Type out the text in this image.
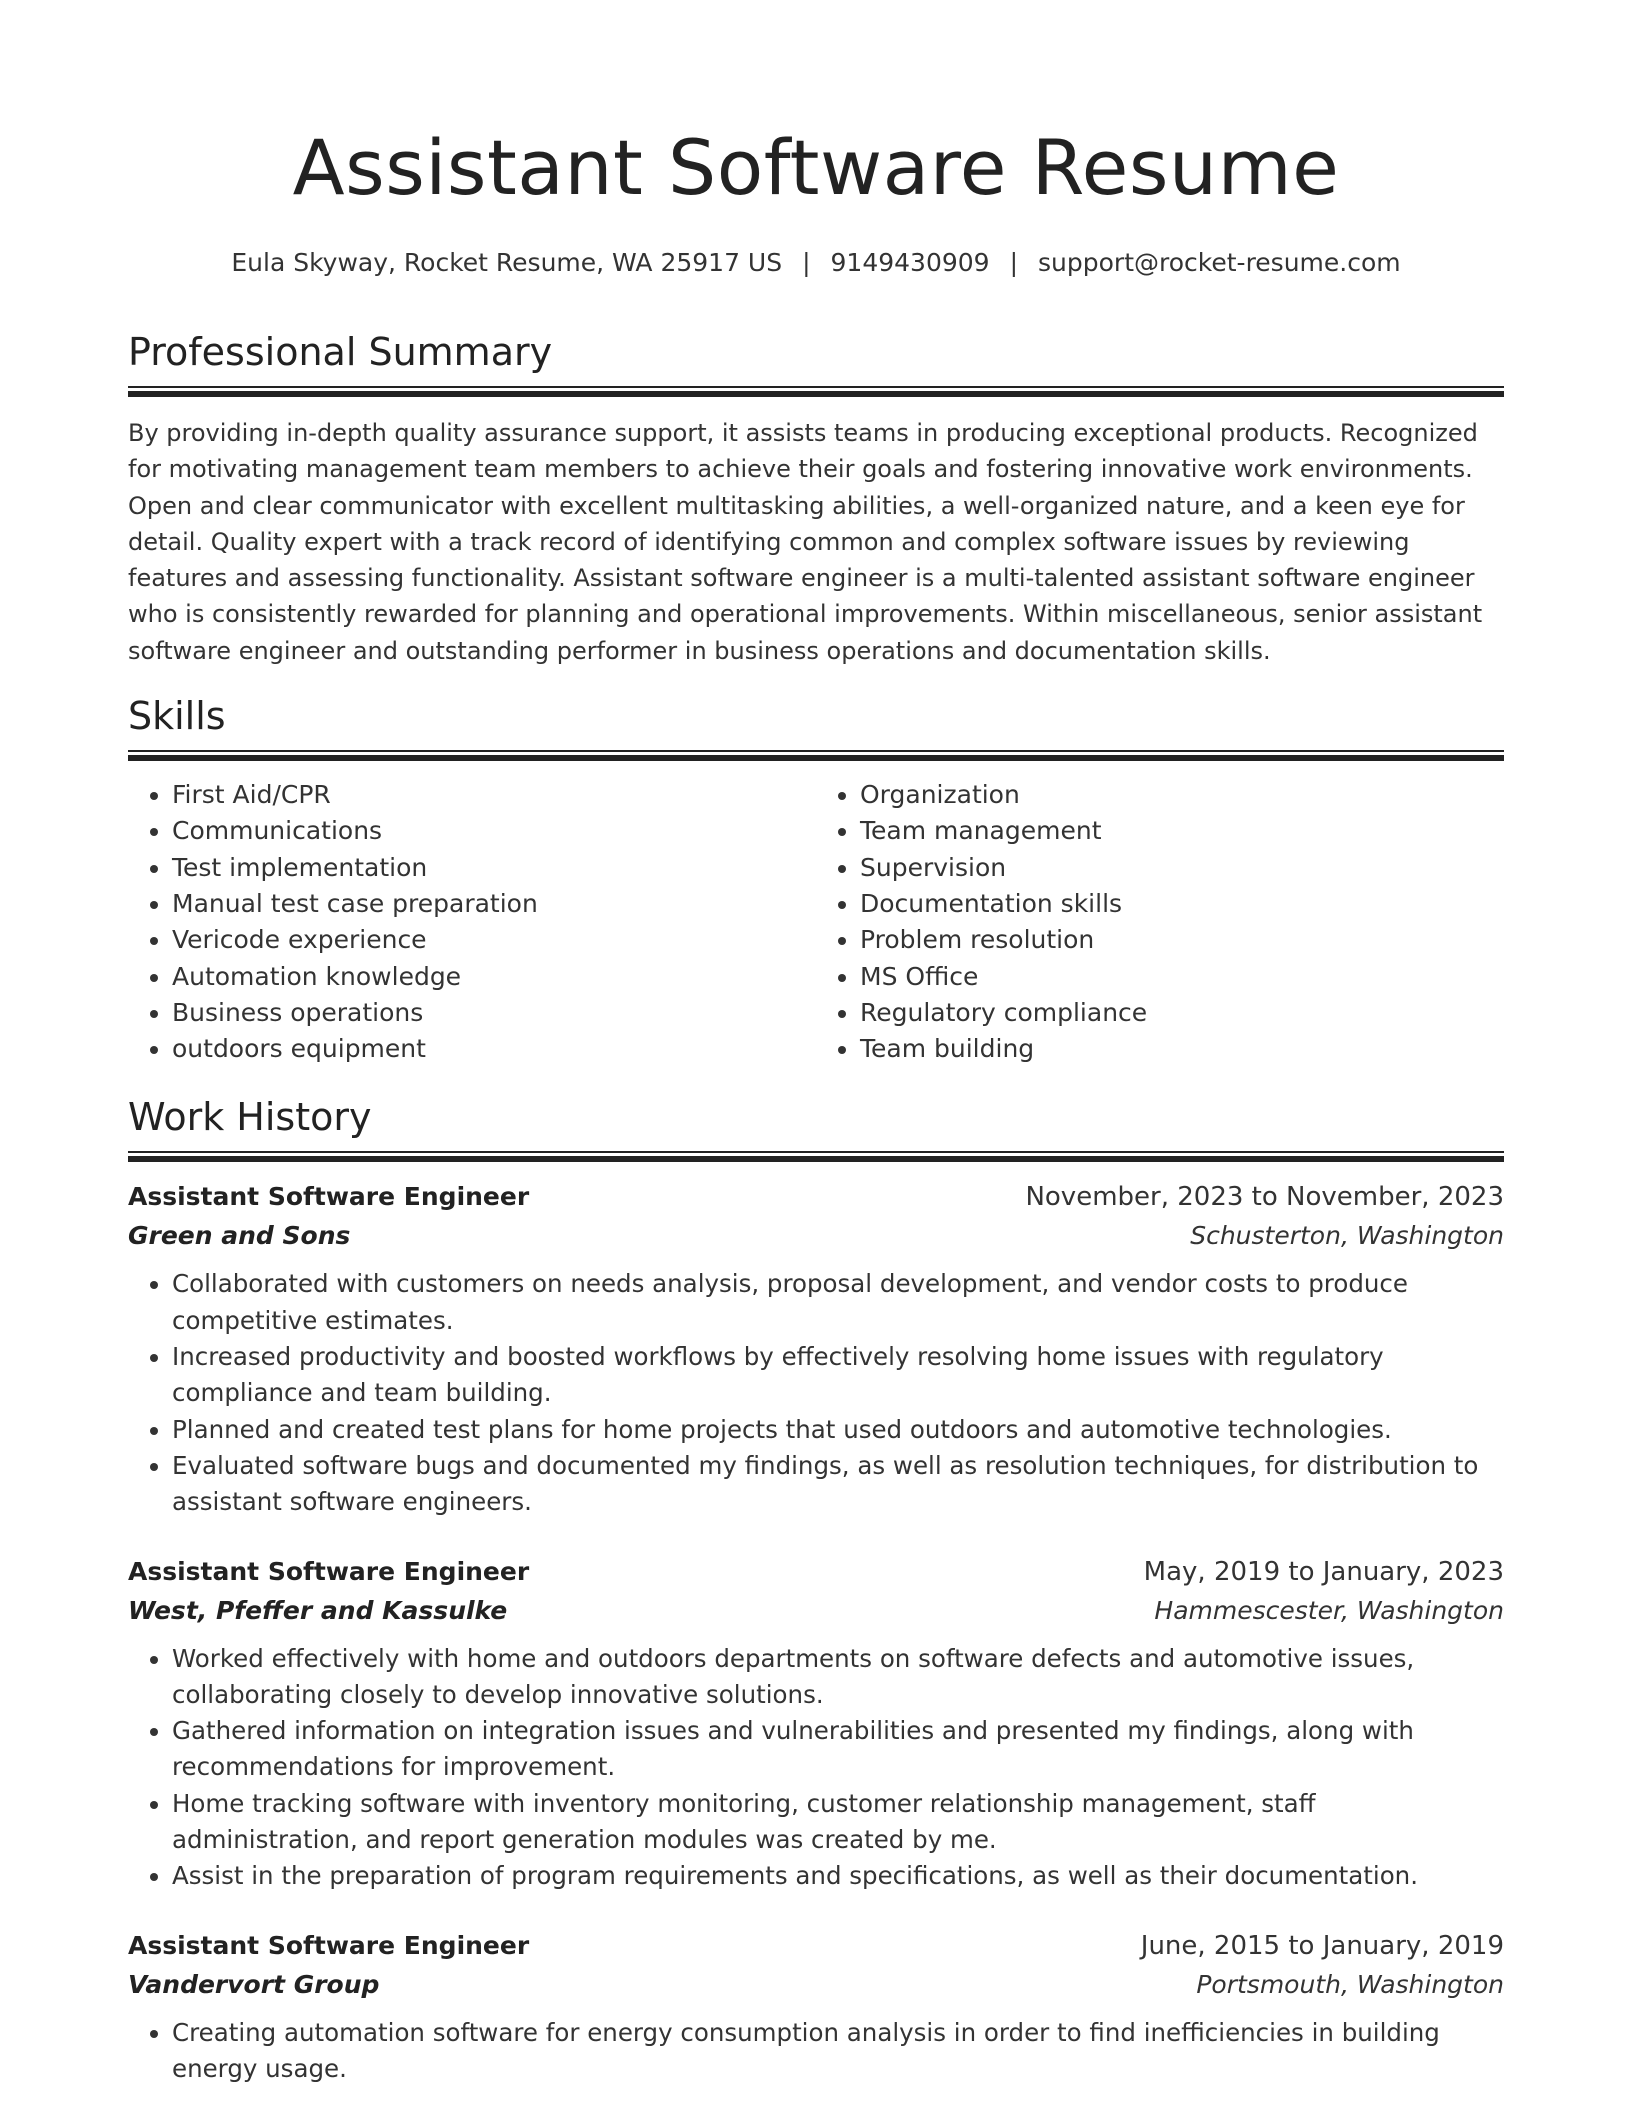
Assistant Software Resume
Eula Skyway, Rocket Resume, WA 25917 US | 9149430909 | support@rocket-resume.com
Professional Summary

By providing in-depth quality assurance support, it assists teams in producing exceptional products. Recognized for motivating management team members to achieve their goals and fostering innovative work environments. Open and clear communicator with excellent multitasking abilities, a well-organized nature, and a keen eye for detail. Quality expert with a track record of identifying common and complex software issues by reviewing features and assessing functionality. Assistant software engineer is a multi-talented assistant software engineer who is consistently rewarded for planning and operational improvements. Within miscellaneous, senior assistant software engineer and outstanding performer in business operations and documentation skills.

Skills
• First Aid/CPR
• Communications
• Test implementation
• Manual test case preparation
• Vericode experience
• Automation knowledge
• Business operations
• outdoors equipment
• Organization
• Team management
• Supervision
• Documentation skills
• Problem resolution
• MS Office
• Regulatory compliance
• Team building
Work History
Assistant Software Engineer	November, 2023 to November, 2023
Green and Sons	Schusterton, Washington
• Collaborated with customers on needs analysis, proposal development, and vendor costs to produce competitive estimates.
• Increased productivity and boosted workflows by effectively resolving home issues with regulatory compliance and team building.
• Planned and created test plans for home projects that used outdoors and automotive technologies.
• Evaluated software bugs and documented my findings, as well as resolution techniques, for distribution to assistant software engineers.
Assistant Software Engineer	May, 2019 to January, 2023
West, Pfeffer and Kassulke	Hammescester, Washington
• Worked effectively with home and outdoors departments on software defects and automotive issues, collaborating closely to develop innovative solutions.
• Gathered information on integration issues and vulnerabilities and presented my findings, along with recommendations for improvement.
• Home tracking software with inventory monitoring, customer relationship management, staff administration, and report generation modules was created by me.
• Assist in the preparation of program requirements and specifications, as well as their documentation.
Assistant Software Engineer	June, 2015 to January, 2019
Vandervort Group	Portsmouth, Washington
• Creating automation software for energy consumption analysis in order to find inefficiencies in building energy usage.
